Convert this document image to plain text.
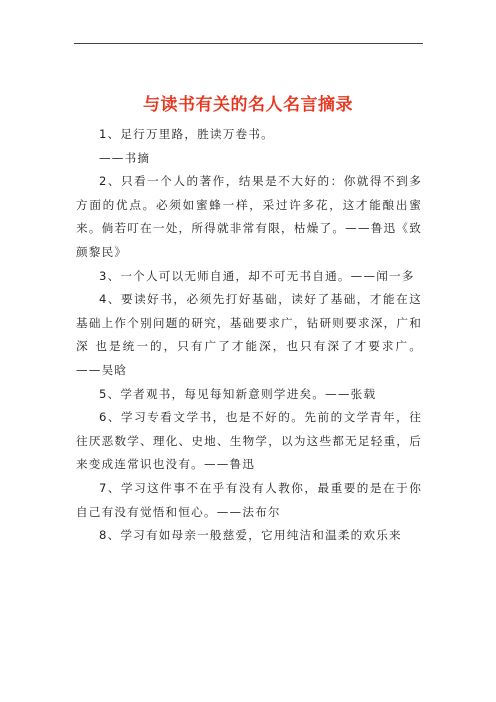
与读书有关的名人名言摘录

1、足行万里路，胜读万卷书。

——书摘

2、只看一个人的著作，结果是不大好的：你就得不到多方面的优点。必须如蜜蜂一样，采过许多花，这才能酿出蜜来。倘若叮在一处，所得就非常有限，枯燥了。——鲁迅《致颜黎民》

3、一个人可以无师自通，却不可无书自通。——闻一多

4、要读好书，必须先打好基础，读好了基础，才能在这基础上作个别问题的研究，基础要求广，钻研则要求深，广和深 也是统一的，只有广了才能深，也只有深了才要求广。——吴晗

5、学者观书，每见每知新意则学进矣。——张载

6、学习专看文学书，也是不好的。先前的文学青年，往往厌恶数学、理化、史地、生物学，以为这些都无足轻重，后来变成连常识也没有。——鲁迅

7、学习这件事不在乎有没有人教你，最重要的是在于你自己有没有觉悟和恒心。——法布尔

8、学习有如母亲一般慈爱，它用纯洁和温柔的欢乐来
